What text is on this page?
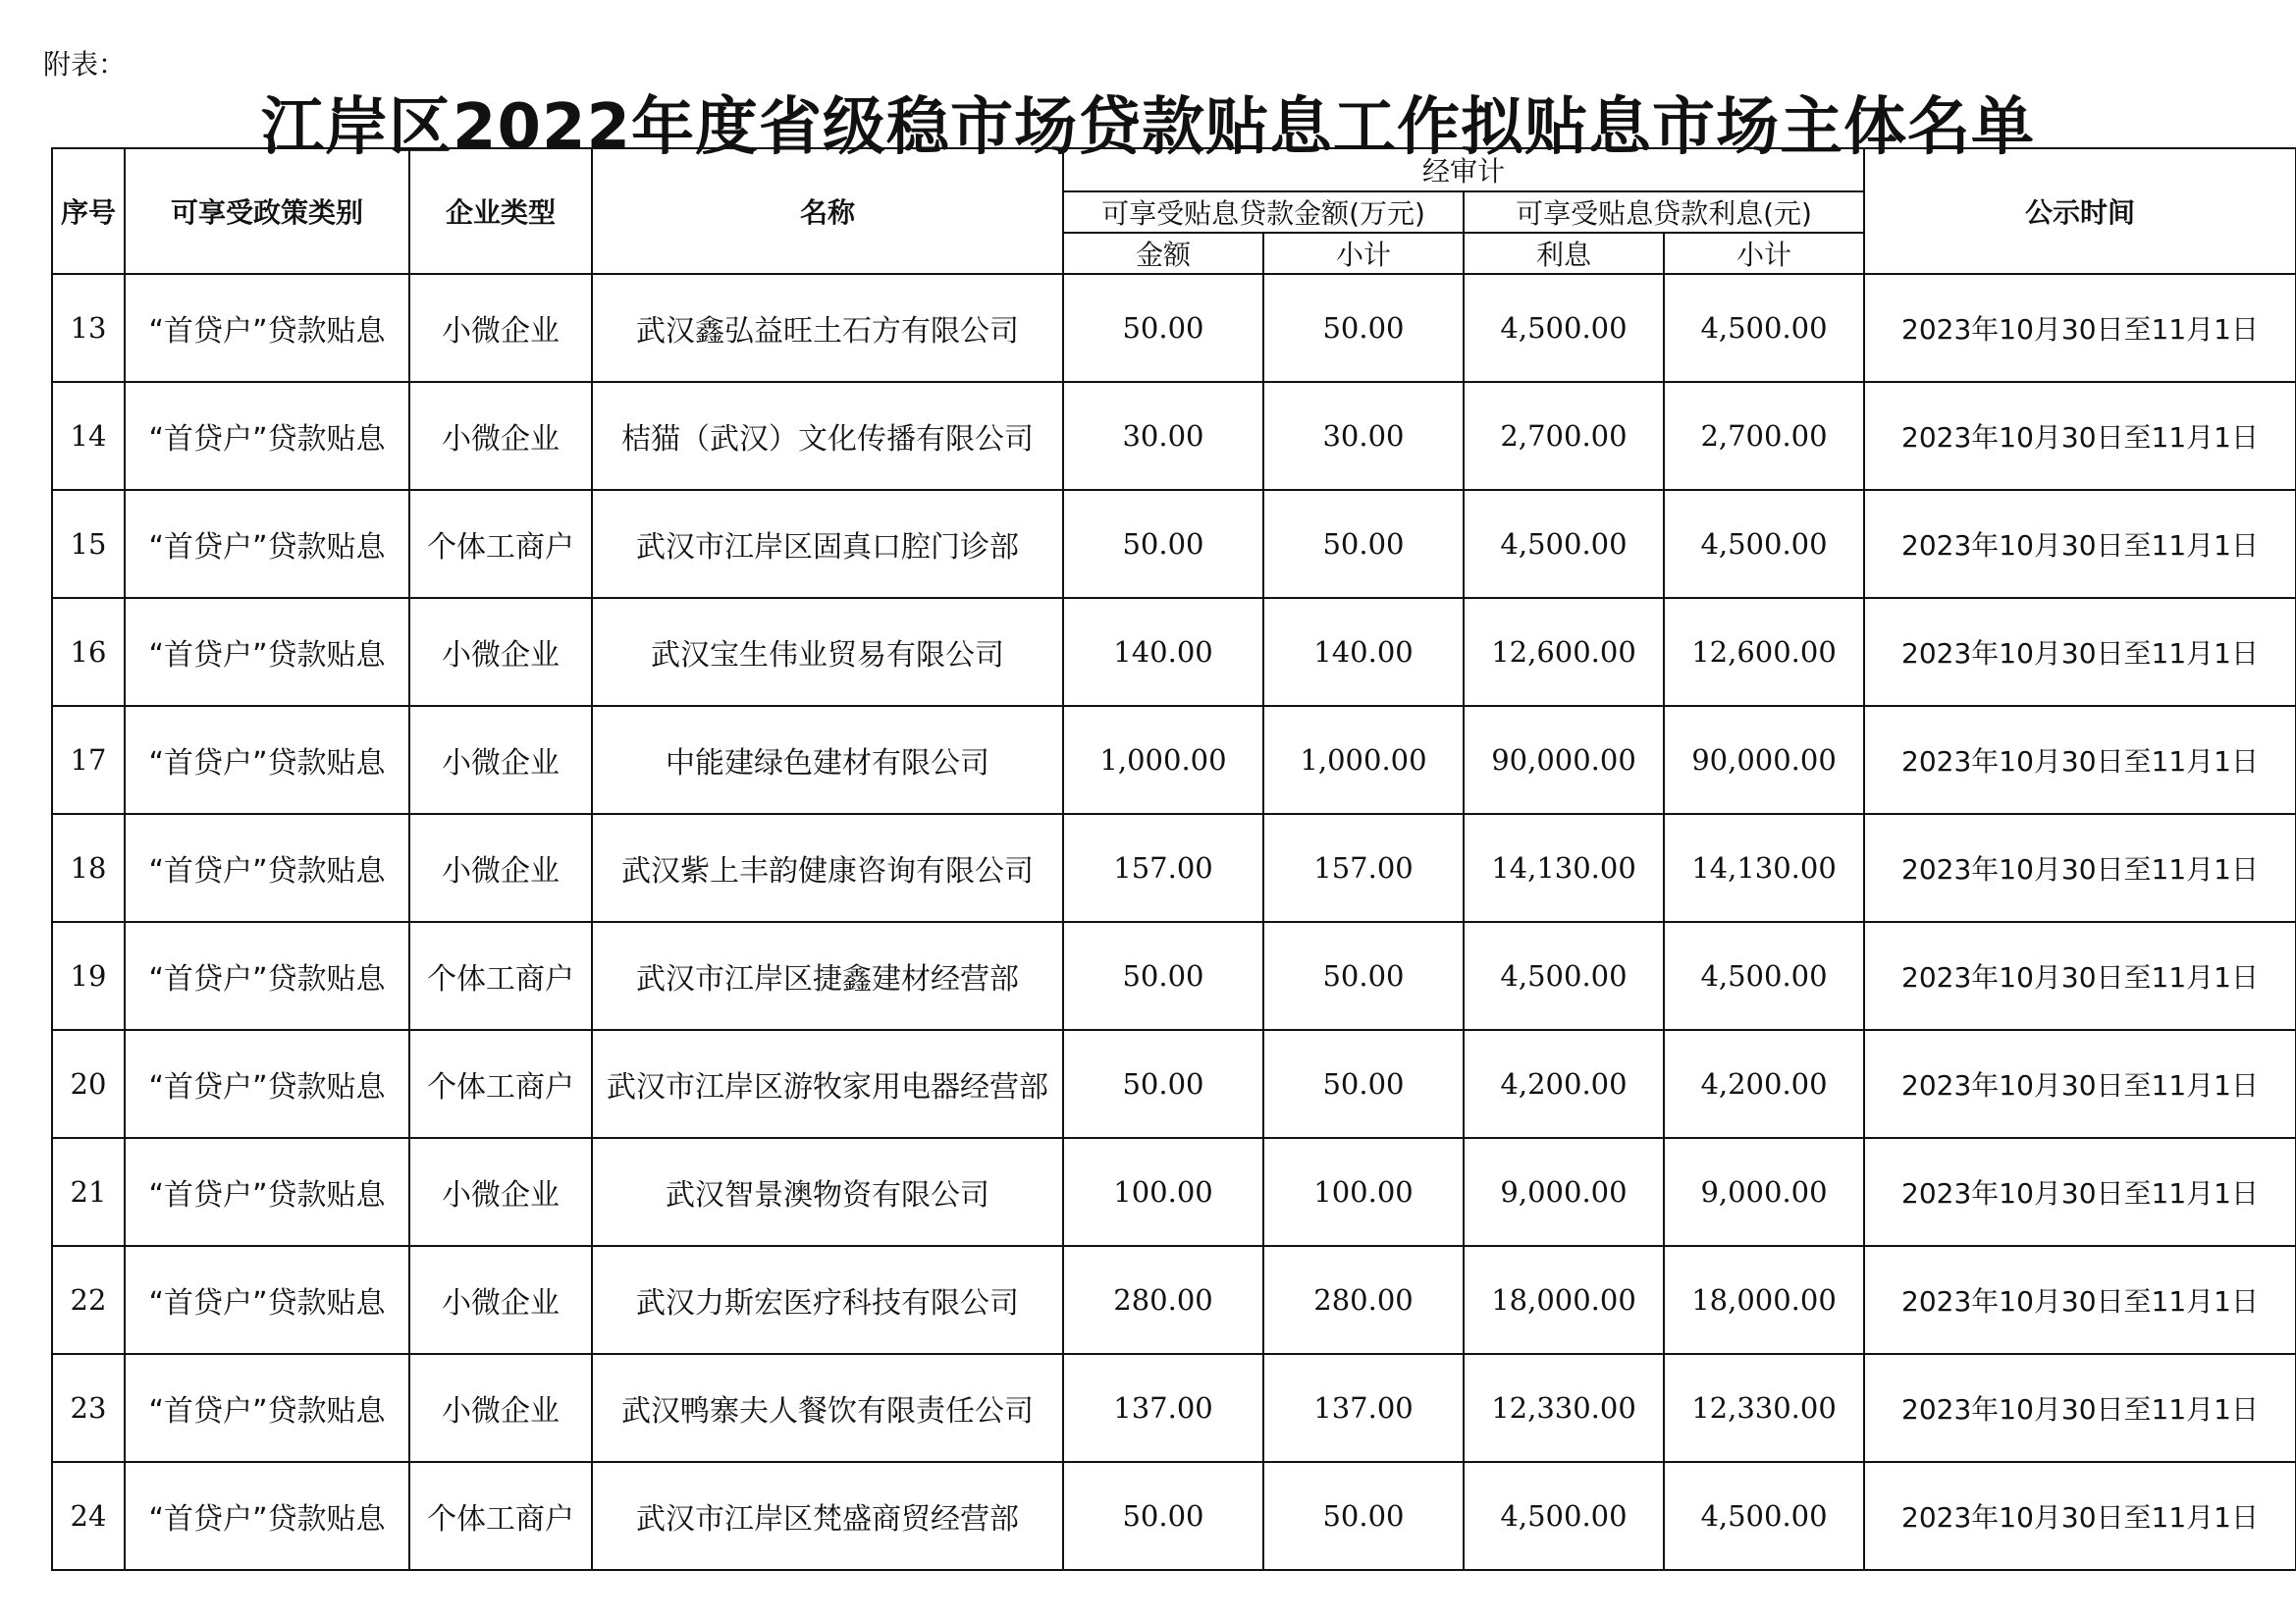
附表：
江岸区2022年度省级稳市场贷款贴息工作拟贴息市场主体名单
序号	可享受政策类别	企业类型	名称	经审计				公示时间
				可享受贴息贷款金额(万元)		可享受贴息贷款利息(元)		
				金额	小计	利息	小计	
13	“首贷户”贷款贴息	小微企业	武汉鑫弘益旺土石方有限公司	50.00	50.00	4,500.00	4,500.00	2023年10月30日至11月1日
14	“首贷户”贷款贴息	小微企业	桔猫（武汉）文化传播有限公司	30.00	30.00	2,700.00	2,700.00	2023年10月30日至11月1日
15	“首贷户”贷款贴息	个体工商户	武汉市江岸区固真口腔门诊部	50.00	50.00	4,500.00	4,500.00	2023年10月30日至11月1日
16	“首贷户”贷款贴息	小微企业	武汉宝生伟业贸易有限公司	140.00	140.00	12,600.00	12,600.00	2023年10月30日至11月1日
17	“首贷户”贷款贴息	小微企业	中能建绿色建材有限公司	1,000.00	1,000.00	90,000.00	90,000.00	2023年10月30日至11月1日
18	“首贷户”贷款贴息	小微企业	武汉紫上丰韵健康咨询有限公司	157.00	157.00	14,130.00	14,130.00	2023年10月30日至11月1日
19	“首贷户”贷款贴息	个体工商户	武汉市江岸区捷鑫建材经营部	50.00	50.00	4,500.00	4,500.00	2023年10月30日至11月1日
20	“首贷户”贷款贴息	个体工商户	武汉市江岸区游牧家用电器经营部	50.00	50.00	4,200.00	4,200.00	2023年10月30日至11月1日
21	“首贷户”贷款贴息	小微企业	武汉智景澳物资有限公司	100.00	100.00	9,000.00	9,000.00	2023年10月30日至11月1日
22	“首贷户”贷款贴息	小微企业	武汉力斯宏医疗科技有限公司	280.00	280.00	18,000.00	18,000.00	2023年10月30日至11月1日
23	“首贷户”贷款贴息	小微企业	武汉鸭寨夫人餐饮有限责任公司	137.00	137.00	12,330.00	12,330.00	2023年10月30日至11月1日
24	“首贷户”贷款贴息	个体工商户	武汉市江岸区梵盛商贸经营部	50.00	50.00	4,500.00	4,500.00	2023年10月30日至11月1日
